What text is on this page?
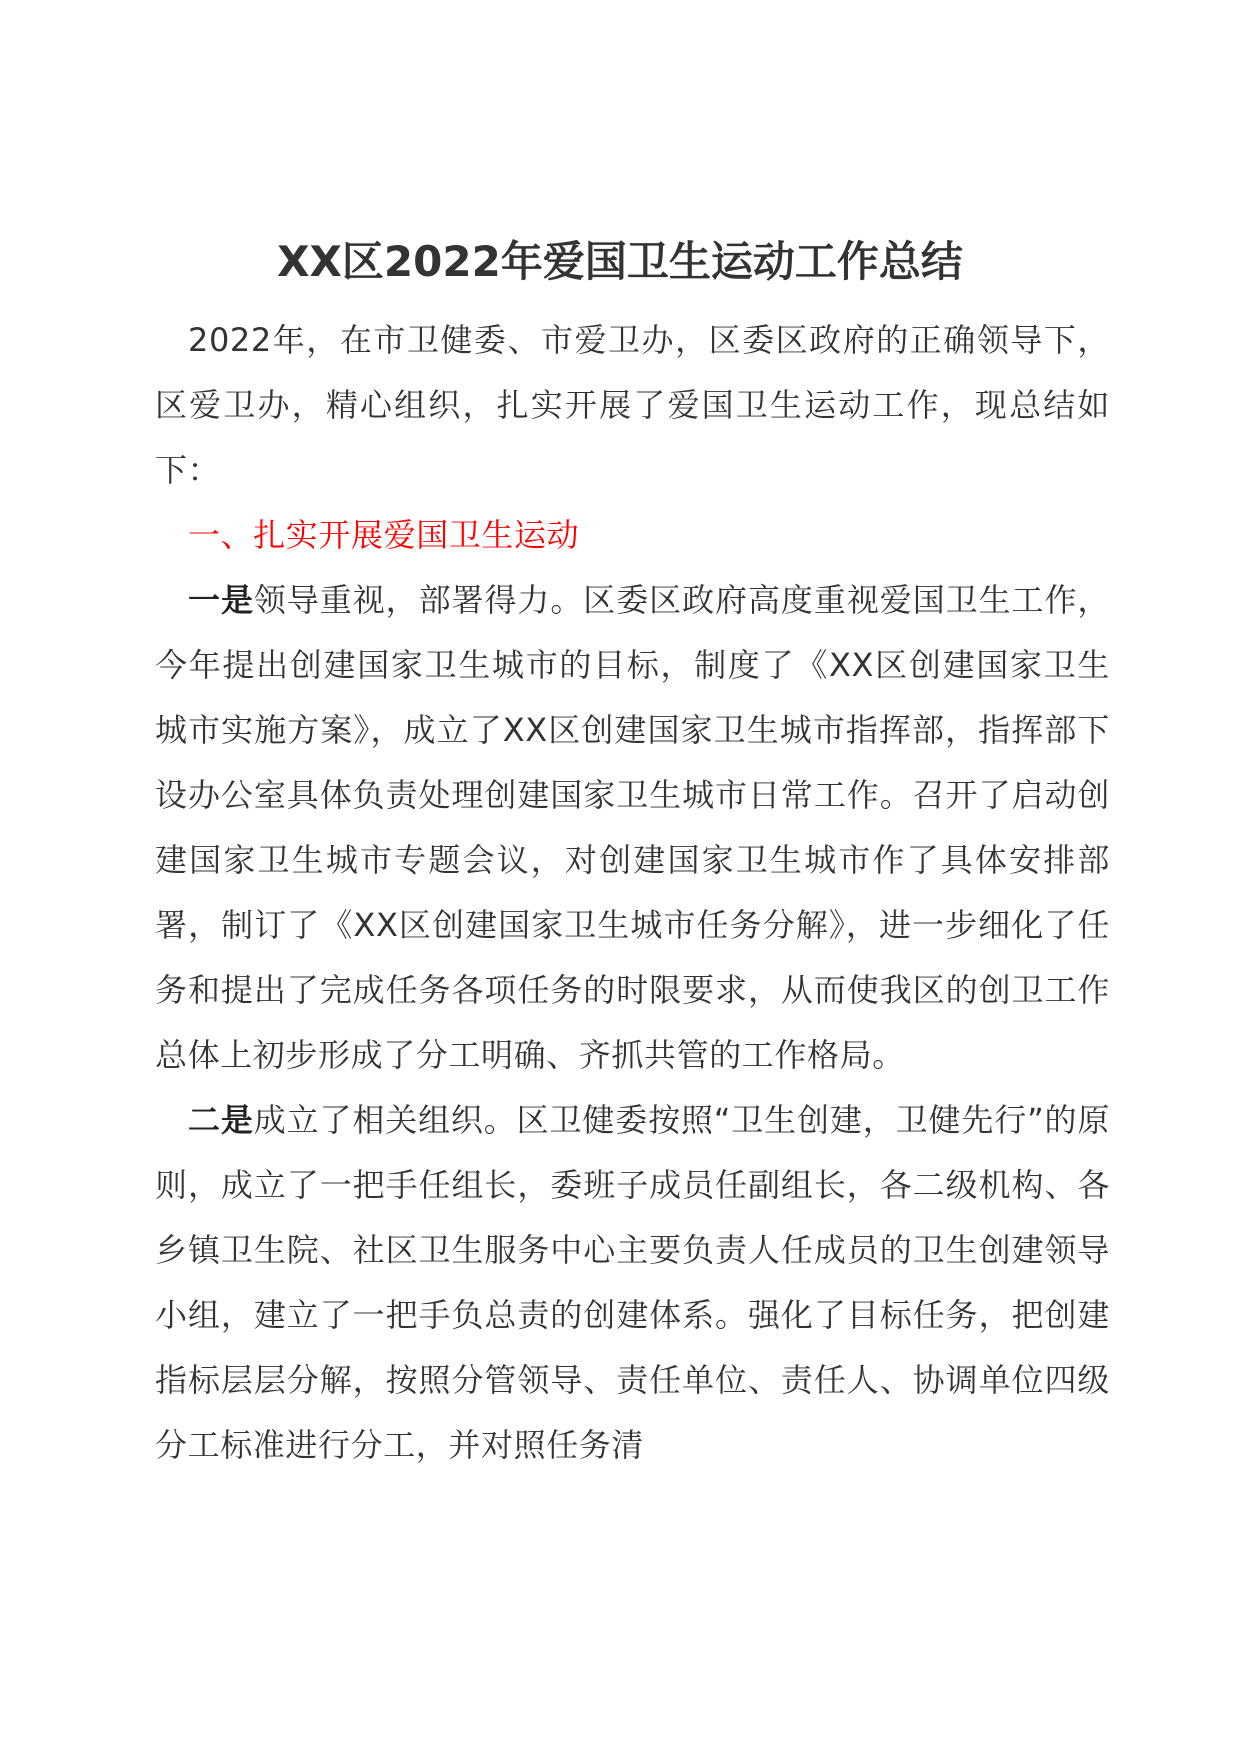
XX区2022年爱国卫生运动工作总结

2022年，在市卫健委、市爱卫办，区委区政府的正确领导下，区爱卫办，精心组织，扎实开展了爱国卫生运动工作，现总结如下：

一、扎实开展爱国卫生运动

一是领导重视，部署得力。区委区政府高度重视爱国卫生工作，今年提出创建国家卫生城市的目标，制度了《XX区创建国家卫生城市实施方案》，成立了XX区创建国家卫生城市指挥部，指挥部下设办公室具体负责处理创建国家卫生城市日常工作。召开了启动创建国家卫生城市专题会议，对创建国家卫生城市作了具体安排部署，制订了《XX区创建国家卫生城市任务分解》，进一步细化了任务和提出了完成任务各项任务的时限要求，从而使我区的创卫工作总体上初步形成了分工明确、齐抓共管的工作格局。

二是成立了相关组织。区卫健委按照“卫生创建，卫健先行”的原则，成立了一把手任组长，委班子成员任副组长，各二级机构、各乡镇卫生院、社区卫生服务中心主要负责人任成员的卫生创建领导小组，建立了一把手负总责的创建体系。强化了目标任务，把创建指标层层分解，按照分管领导、责任单位、责任人、协调单位四级分工标准进行分工，并对照任务清
